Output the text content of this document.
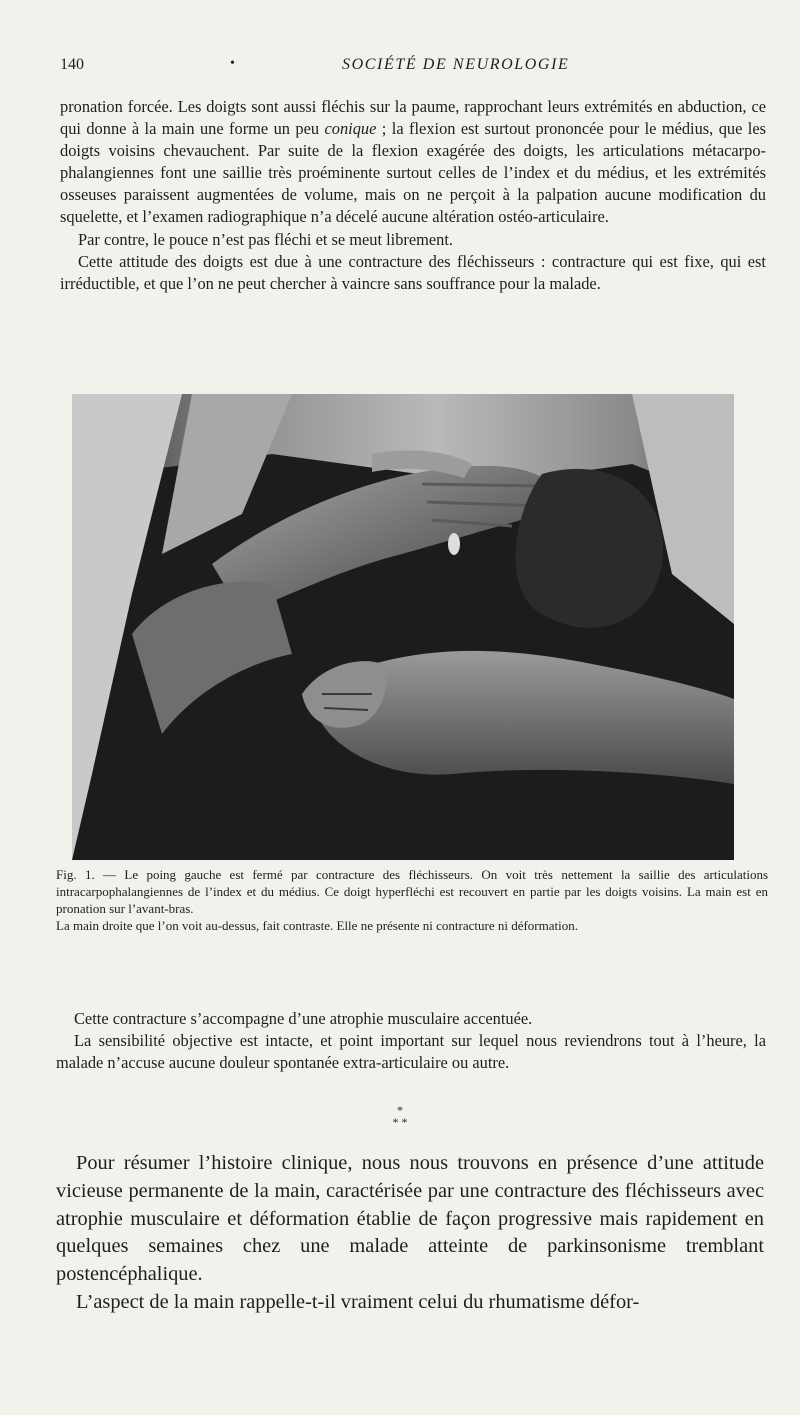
140	•	SOCIÉTÉ DE NEUROLOGIE

pronation forcée. Les doigts sont aussi fléchis sur la paume, rapprochant leurs extrémités en abduction, ce qui donne à la main une forme un peu conique ; la flexion est surtout prononcée pour le médius, que les doigts voisins chevauchent. Par suite de la flexion exagérée des doigts, les articulations métacarpo-phalangiennes font une saillie très proéminente surtout celles de l’index et du médius, et les extrémités osseuses paraissent augmentées de volume, mais on ne perçoit à la palpation aucune modification du squelette, et l’examen radiographique n’a décelé aucune altération ostéo-articulaire.

Par contre, le pouce n’est pas fléchi et se meut librement.

Cette attitude des doigts est due à une contracture des fléchisseurs : contracture qui est fixe, qui est irréductible, et que l’on ne peut chercher à vaincre sans souffrance pour la malade.

Fig. 1. — Le poing gauche est fermé par contracture des fléchisseurs. On voit très nettement la saillie des articulations intracarpophalangiennes de l’index et du médius. Ce doigt hyperfléchi est recouvert en partie par les doigts voisins. La main est en pronation sur l’avant-bras.

La main droite que l’on voit au-dessus, fait contraste. Elle ne présente ni contracture ni déformation.

Cette contracture s’accompagne d’une atrophie musculaire accentuée.

La sensibilité objective est intacte, et point important sur lequel nous reviendrons tout à l’heure, la malade n’accuse aucune douleur spontanée extra-articulaire ou autre.

*
* *

Pour résumer l’histoire clinique, nous nous trouvons en présence d’une attitude vicieuse permanente de la main, caractérisée par une contracture des fléchisseurs avec atrophie musculaire et déformation établie de façon progressive mais rapidement en quelques semaines chez une malade atteinte de parkinsonisme tremblant postencéphalique.

L’aspect de la main rappelle-t-il vraiment celui du rhumatisme défor-
